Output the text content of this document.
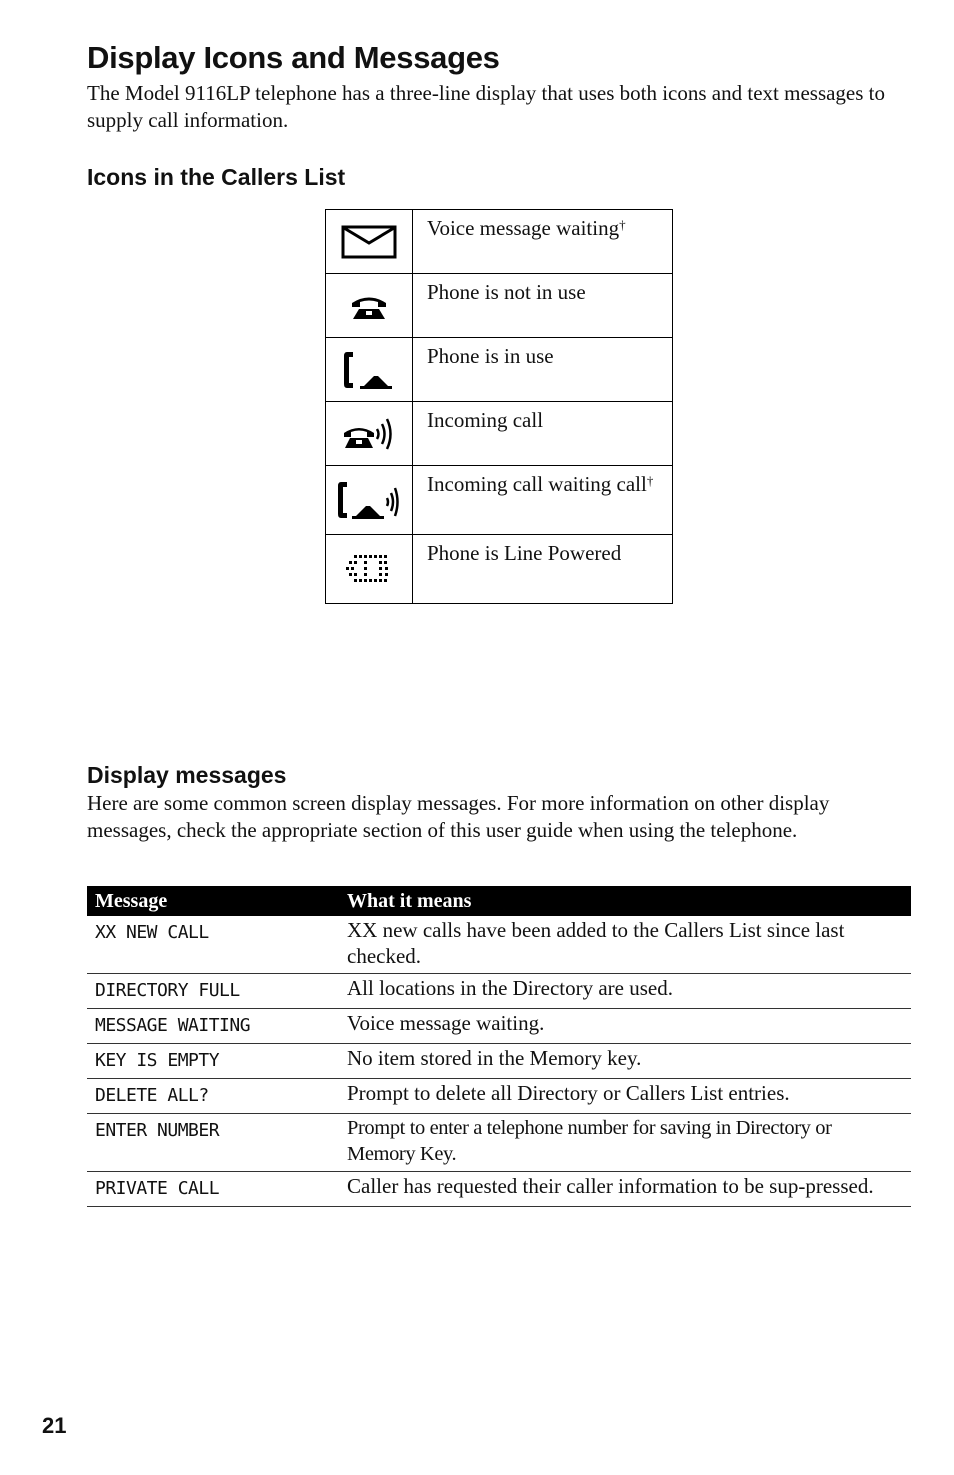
Display Icons and Messages

The Model 9116LP telephone has a three-line display that uses both icons and text messages to supply call information.

Icons in the Callers List
	Voice message waiting†

	Phone is not in use

	Phone is in use

	Incoming call

	Incoming call waiting call†

	Phone is Line Powered
Display messages

Here are some common screen display messages. For more information on other display messages, check the appropriate section of this user guide when using the telephone.

Message	What it means
XX NEW CALL	XX new calls have been added to the Callers List since last checked.
DIRECTORY FULL	All locations in the Directory are used.
MESSAGE WAITING	Voice message waiting.
KEY IS EMPTY	No item stored in the Memory key.
DELETE ALL?	Prompt to delete all Directory or Callers List entries.
ENTER NUMBER	Prompt to enter a telephone number for saving in Directory or Memory Key.
PRIVATE CALL	Caller has requested their caller information to be sup-pressed.

21
